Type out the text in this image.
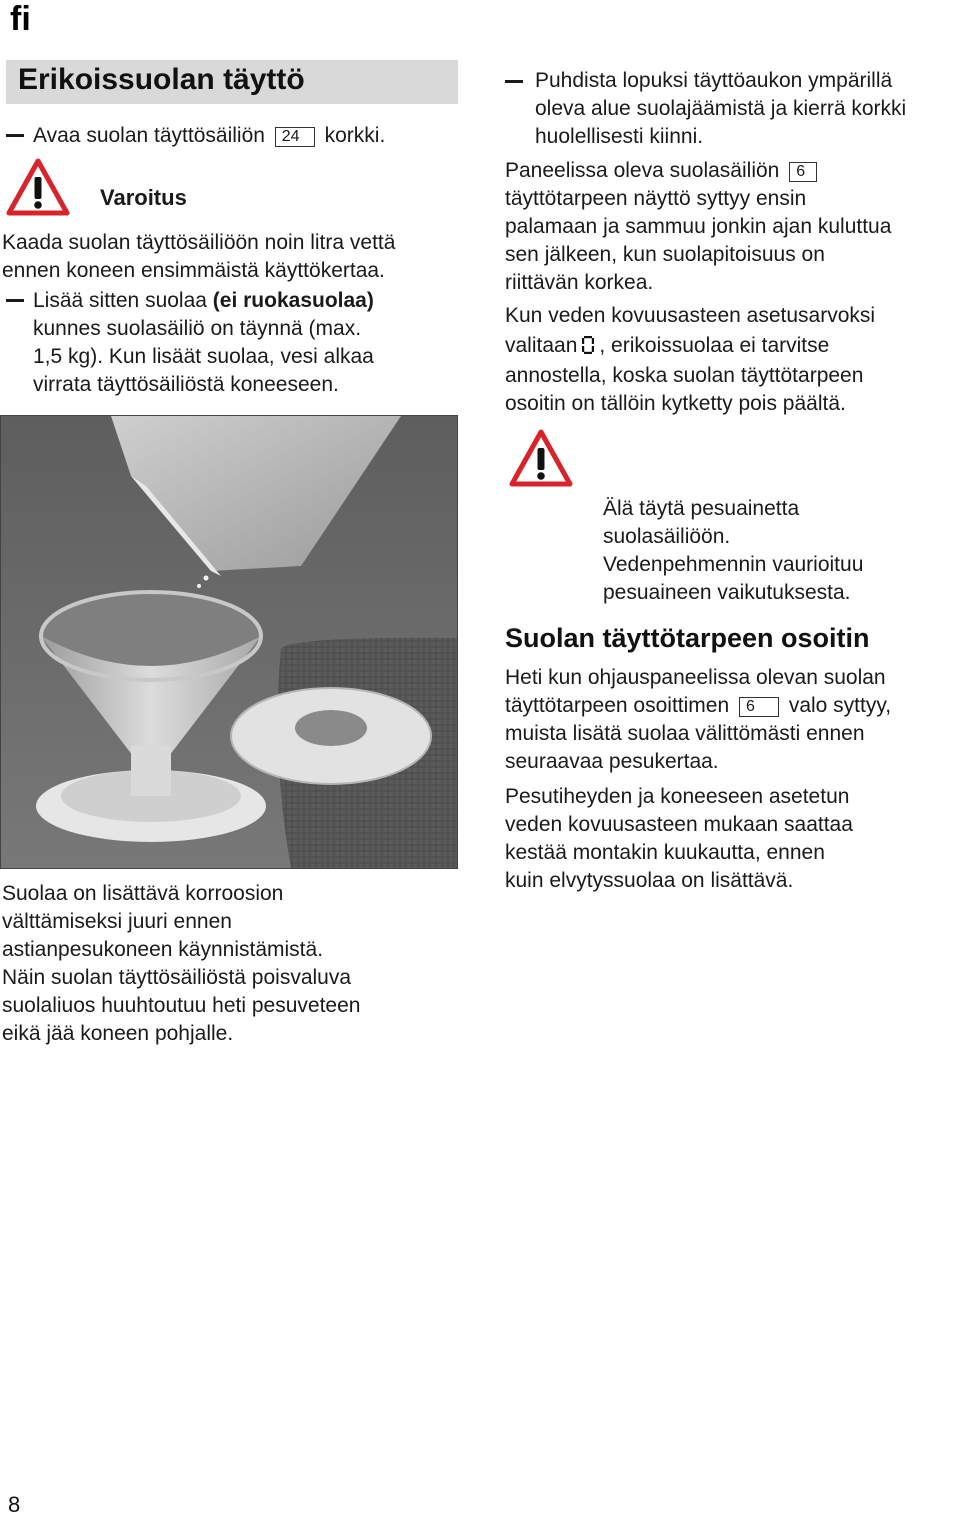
fi
Erikoissuolan täyttö
Avaa suolan täyttösäiliön 24 korkki.
Varoitus
Kaada suolan täyttösäiliöön noin litra vettä
ennen koneen ensimmäistä käyttökertaa.
Lisää sitten suolaa (ei ruokasuolaa)
kunnes suolasäiliö on täynnä (max.
1,5 kg). Kun lisäät suolaa, vesi alkaa
virrata täyttösäiliöstä koneeseen.
Suolaa on lisättävä korroosion
välttämiseksi juuri ennen
astianpesukoneen käynnistämistä.
Näin suolan täyttösäiliöstä poisvaluva
suolaliuos huuhtoutuu heti pesuveteen
eikä jää koneen pohjalle.
Puhdista lopuksi täyttöaukon ympärillä
oleva alue suolajäämistä ja kierrä korkki
huolellisesti kiinni.
Paneelissa oleva suolasäiliön 6
täyttötarpeen näyttö syttyy ensin
palamaan ja sammuu jonkin ajan kuluttua
sen jälkeen, kun suolapitoisuus on
riittävän korkea.
Kun veden kovuusasteen asetusarvoksi
valitaan , erikoissuolaa ei tarvitse
annostella, koska suolan täyttötarpeen
osoitin on tällöin kytketty pois päältä.
Älä täytä pesuainetta
suolasäiliöön.
Vedenpehmennin vaurioituu
pesuaineen vaikutuksesta.
Suolan täyttötarpeen osoitin
Heti kun ohjauspaneelissa olevan suolan
täyttötarpeen osoittimen 6 valo syttyy,
muista lisätä suolaa välittömästi ennen
seuraavaa pesukertaa.
Pesutiheyden ja koneeseen asetetun
veden kovuusasteen mukaan saattaa
kestää montakin kuukautta, ennen
kuin elvytyssuolaa on lisättävä.
8
